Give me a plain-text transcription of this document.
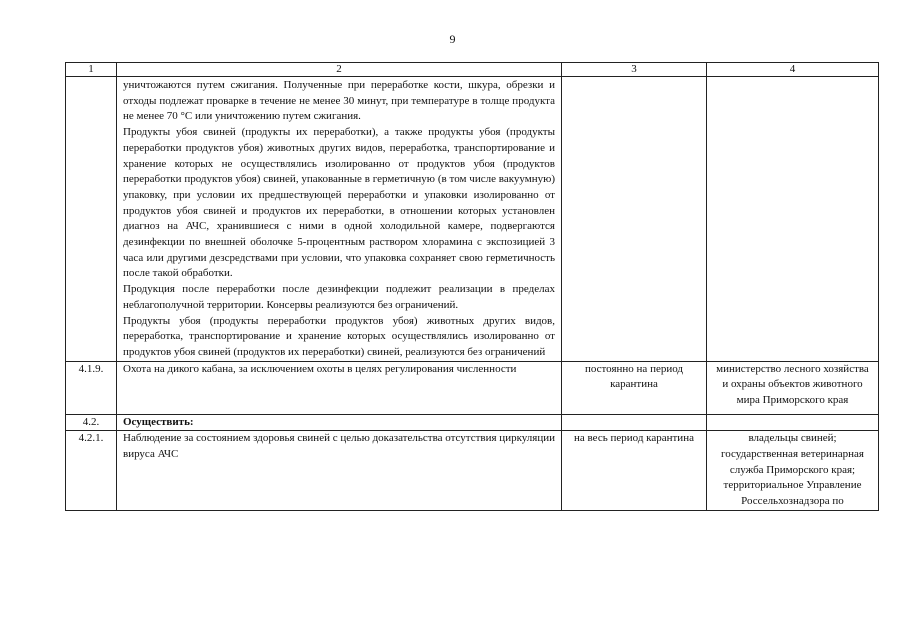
9
1	2	3	4

	уничтожаются путем сжигания. Полученные при переработке кости, шкура, обрезки и отходы подлежат проварке в течение не менее 30 минут, при температуре в толще продукта не менее 70 °С или уничтожению путем сжигания.

Продукты убоя свиней (продукты их переработки), а также продукты убоя (продукты переработки продуктов убоя) животных других видов, переработка, транспортирование и хранение которых не осуществлялись изолированно от продуктов убоя (продуктов переработки продуктов убоя) свиней, упакованные в герметичную (в том числе вакуумную) упаковку, при условии их предшествующей переработки и упаковки изолированно от продуктов убоя свиней и продуктов их переработки, в отношении которых установлен диагноз на АЧС, хранившиеся с ними в одной холодильной камере, подвергаются дезинфекции по внешней оболочке 5-процентным раствором хлорамина с экспозицией 3 часа или другими дезсредствами при условии, что упаковка сохраняет свою герметичность после такой обработки.

Продукция после переработки после дезинфекции подлежит реализации в пределах неблагополучной территории. Консервы реализуются без ограничений.

Продукты убоя (продукты переработки продуктов убоя) животных других видов, переработка, транспортирование и хранение которых осуществлялись изолированно от продуктов убоя свиней (продуктов их переработки) свиней, реализуются без ограничений		

4.1.9.	Охота на дикого кабана, за исключением охоты в целях регулирования численности	постоянно на период карантина	министерство лесного хозяйства и охраны объектов животного мира Приморского края
4.2.	Осуществить:		
4.2.1.	Наблюдение за состоянием здоровья свиней с целью доказательства отсутствия циркуляции вируса АЧС	на весь период карантина	владельцы свиней; государственная ветеринарная служба Приморского края; территориальное Управление Россельхознадзора по
